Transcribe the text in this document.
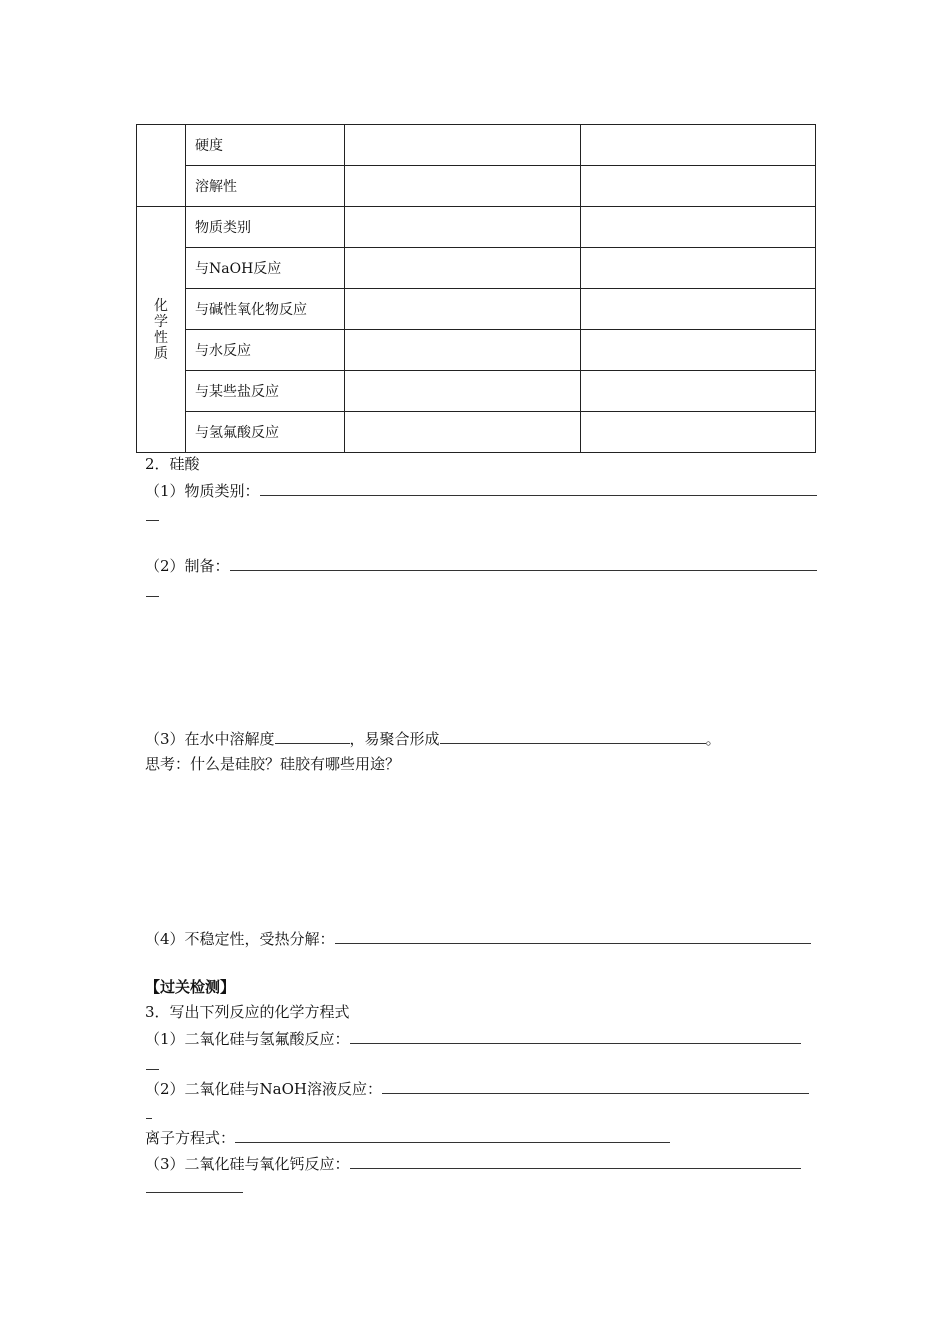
	硬度		
	溶解性		
化学性质	物质类别		
	与NaOH反应		
	与碱性氧化物反应		
	与水反应		
	与某些盐反应		
	与氢氟酸反应		
2．硅酸
（1）物质类别：
（2）制备：
（3）在水中溶解度	，易聚合形成	。
思考：什么是硅胶？硅胶有哪些用途？
（4）不稳定性，受热分解：
【过关检测】
3．写出下列反应的化学方程式
（1）二氧化硅与氢氟酸反应：
（2）二氧化硅与NaOH溶液反应：
离子方程式：
（3）二氧化硅与氧化钙反应：
